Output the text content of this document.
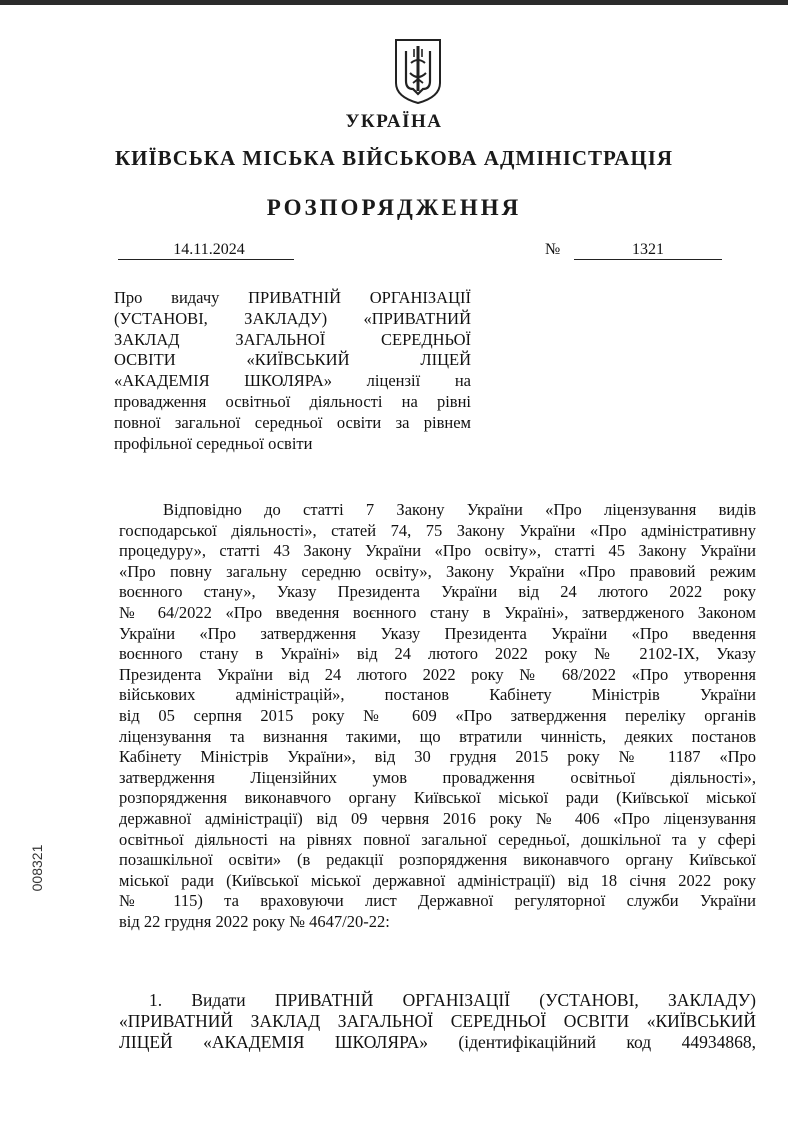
УКРАЇНА
КИЇВСЬКА МІСЬКА ВІЙСЬКОВА АДМІНІСТРАЦІЯ
РОЗПОРЯДЖЕННЯ
14.11.2024	№	1321
Про видачу ПРИВАТНІЙ ОРГАНІЗАЦІЇ
(УСТАНОВІ, ЗАКЛАДУ) «ПРИВАТНИЙ
ЗАКЛАД ЗАГАЛЬНОЇ СЕРЕДНЬОЇ
ОСВІТИ «КИЇВСЬКИЙ ЛІЦЕЙ
«АКАДЕМІЯ ШКОЛЯРА» ліцензії на
провадження освітньої діяльності на рівні
повної загальної середньої освіти за рівнем
профільної середньої освіти
Відповідно до статті 7 Закону України «Про ліцензування видів
господарської діяльності», статей 74, 75 Закону України «Про адміністративну
процедуру», статті 43 Закону України «Про освіту», статті 45 Закону України
«Про повну загальну середню освіту», Закону України «Про правовий режим
воєнного стану», Указу Президента України від 24 лютого 2022 року
№ 64/2022 «Про введення воєнного стану в Україні», затвердженого Законом
України «Про затвердження Указу Президента України «Про введення
воєнного стану в Україні» від 24 лютого 2022 року № 2102-IX, Указу
Президента України від 24 лютого 2022 року № 68/2022 «Про утворення
військових адміністрацій», постанов Кабінету Міністрів України
від 05 серпня 2015 року № 609 «Про затвердження переліку органів
ліцензування та визнання такими, що втратили чинність, деяких постанов
Кабінету Міністрів України», від 30 грудня 2015 року № 1187 «Про
затвердження Ліцензійних умов провадження освітньої діяльності»,
розпорядження виконавчого органу Київської міської ради (Київської міської
державної адміністрації) від 09 червня 2016 року № 406 «Про ліцензування
освітньої діяльності на рівнях повної загальної середньої, дошкільної та у сфері
позашкільної освіти» (в редакції розпорядження виконавчого органу Київської
міської ради (Київської міської державної адміністрації) від 18 січня 2022 року
№ 115) та враховуючи лист Державної регуляторної служби України
від 22 грудня 2022 року № 4647/20-22:
1. Видати ПРИВАТНІЙ ОРГАНІЗАЦІЇ (УСТАНОВІ, ЗАКЛАДУ)
«ПРИВАТНИЙ ЗАКЛАД ЗАГАЛЬНОЇ СЕРЕДНЬОЇ ОСВІТИ «КИЇВСЬКИЙ
ЛІЦЕЙ «АКАДЕМІЯ ШКОЛЯРА» (ідентифікаційний код 44934868,
008321
